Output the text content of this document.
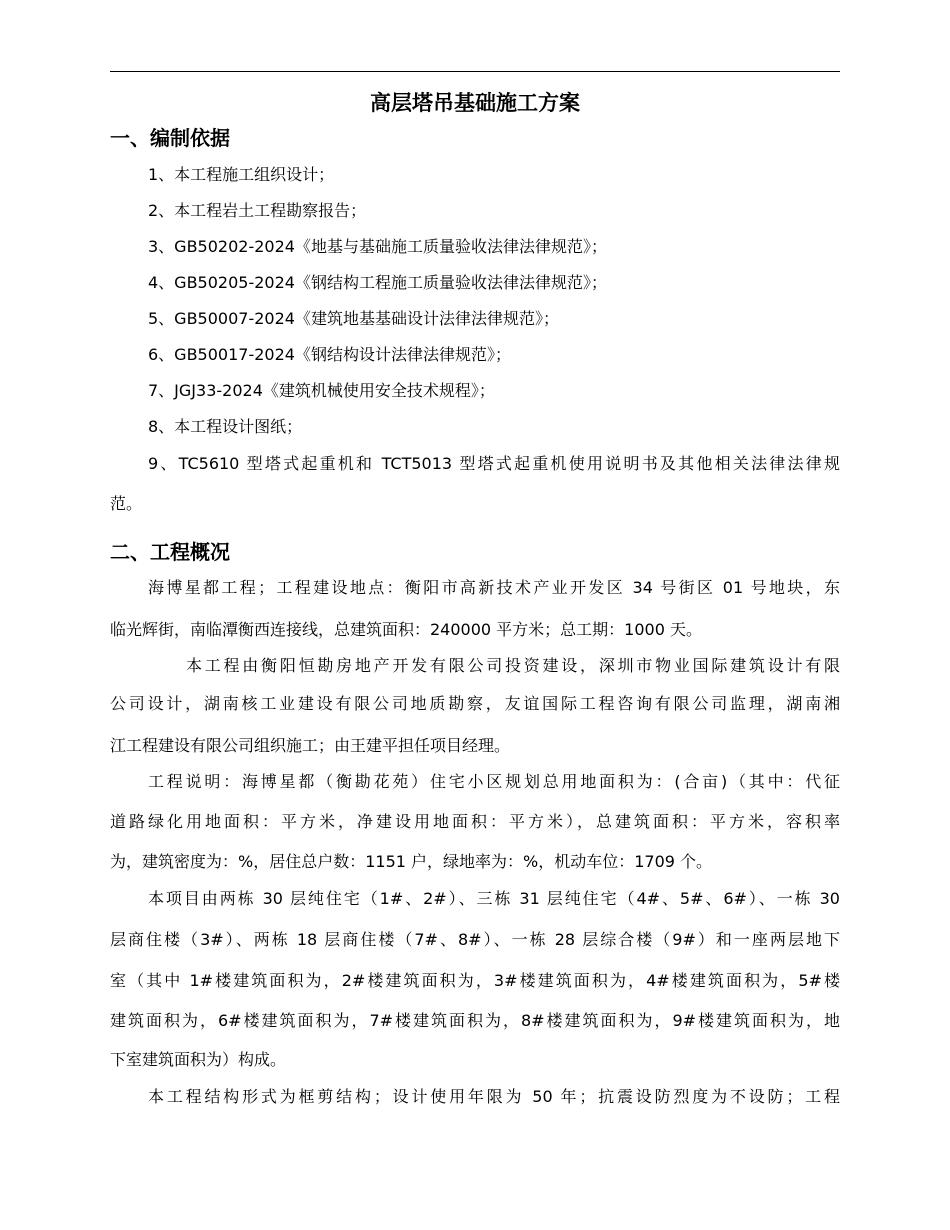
高层塔吊基础施工方案
一、编制依据

1、本工程施工组织设计；

2、本工程岩土工程勘察报告；

3、GB50202-2024《地基与基础施工质量验收法律法律规范》；

4、GB50205-2024《钢结构工程施工质量验收法律法律规范》；

5、GB50007-2024《建筑地基基础设计法律法律规范》；

6、GB50017-2024《钢结构设计法律法律规范》；

7、JGJ33-2024《建筑机械使用安全技术规程》；

8、本工程设计图纸；

9、TC5610 型塔式起重机和 TCT5013 型塔式起重机使用说明书及其他相关法律法律规

范。

二、工程概况

海博星都工程；工程建设地点：衡阳市高新技术产业开发区 34 号街区 01 号地块，东

临光辉街，南临潭衡西连接线，总建筑面积：240000 平方米；总工期：1000 天。

本工程由衡阳恒勘房地产开发有限公司投资建设，深圳市物业国际建筑设计有限

公司设计，湖南核工业建设有限公司地质勘察，友谊国际工程咨询有限公司监理，湖南湘

江工程建设有限公司组织施工；由王建平担任项目经理。

工程说明：海博星都（衡勘花苑）住宅小区规划总用地面积为：(合亩)（其中：代征

道路绿化用地面积：平方米，净建设用地面积：平方米），总建筑面积：平方米，容积率

为，建筑密度为：%，居住总户数：1151 户，绿地率为：%，机动车位：1709 个。

本项目由两栋 30 层纯住宅（1#、2#）、三栋 31 层纯住宅（4#、5#、6#）、一栋 30

层商住楼（3#）、两栋 18 层商住楼（7#、8#）、一栋 28 层综合楼（9#）和一座两层地下

室（其中 1#楼建筑面积为，2#楼建筑面积为，3#楼建筑面积为，4#楼建筑面积为，5#楼

建筑面积为，6#楼建筑面积为，7#楼建筑面积为，8#楼建筑面积为，9#楼建筑面积为，地

下室建筑面积为）构成。

本工程结构形式为框剪结构；设计使用年限为 50 年；抗震设防烈度为不设防；工程
